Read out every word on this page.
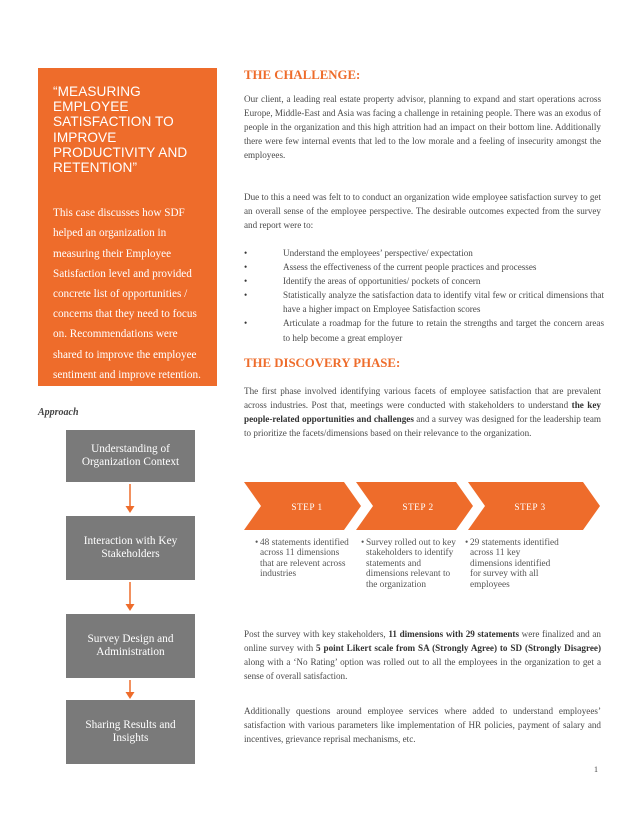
“MEASURING EMPLOYEE SATISFACTION TO IMPROVE PRODUCTIVITY AND RETENTION”

This case discusses how SDF helped an organization in measuring their Employee Satisfaction level and provided concrete list of opportunities / concerns that they need to focus on. Recommendations were shared to improve the employee sentiment and improve retention.
Approach
Understanding of Organization Context
Interaction with Key Stakeholders
Survey Design and Administration
Sharing Results and Insights

THE CHALLENGE:

Our client, a leading real estate property advisor, planning to expand and start operations across Europe, Middle-East and Asia was facing a challenge in retaining people. There was an exodus of people in the organization and this high attrition had an impact on their bottom line. Additionally there were few internal events that led to the low morale and a feeling of insecurity amongst the employees.

Due to this a need was felt to to conduct an organization wide employee satisfaction survey to get an overall sense of the employee perspective. The desirable outcomes expected from the survey and report were to:

•	Understand the employees’ perspective/ expectation
•	Assess the effectiveness of the current people practices and processes
•	Identify the areas of opportunities/ pockets of concern
•	Statistically analyze the satisfaction data to identify vital few or critical dimensions that have a higher impact on Employee Satisfaction scores
•	Articulate a roadmap for the future to retain the strengths and target the concern areas to help become a great employer

THE DISCOVERY PHASE:

The first phase involved identifying various facets of employee satisfaction that are prevalent across industries. Post that, meetings were conducted with stakeholders to understand the key people-related opportunities and challenges and a survey was designed for the leadership team to prioritize the facets/dimensions based on their relevance to the organization.

STEP 1	STEP 2	STEP 3
• 48 statements identified across 11 dimensions that are relevent across industries
• Survey rolled out to key stakeholders to identify statements and dimensions relevant to the organization
• 29 statements identified across 11 key dimensions identified for survey with all employees

Post the survey with key stakeholders, 11 dimensions with 29 statements were finalized and an online survey with 5 point Likert scale from SA (Strongly Agree) to SD (Strongly Disagree) along with a ‘No Rating’ option was rolled out to all the employees in the organization to get a sense of overall satisfaction.

Additionally questions around employee services where added to understand employees’ satisfaction with various parameters like implementation of HR policies, payment of salary and incentives, grievance reprisal mechanisms, etc.

1
